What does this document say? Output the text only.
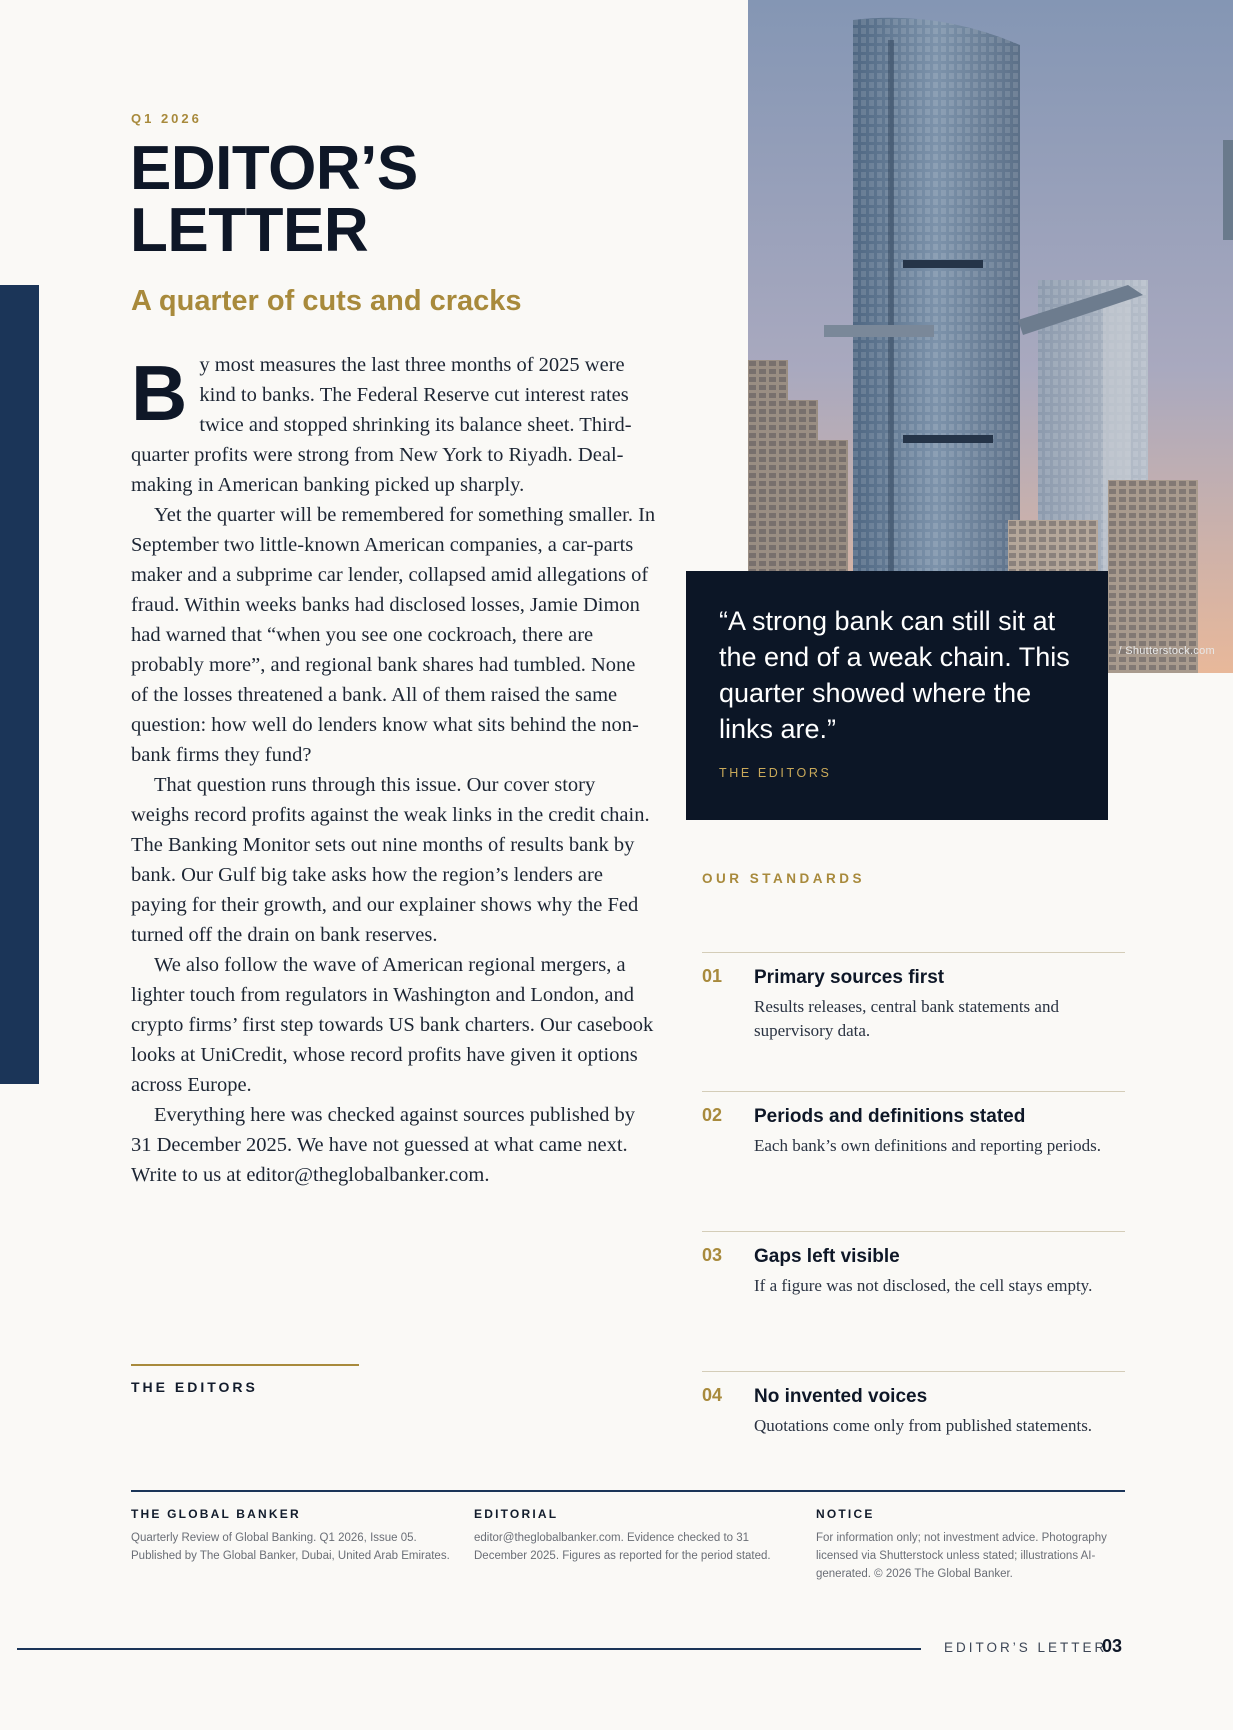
/ Shutterstock.com
Q1 2026
EDITOR’S
LETTER
A quarter of cuts and cracks

By most measures the last three months of 2025 were kind to banks. The Federal Reserve cut interest rates twice and stopped shrinking its balance sheet. Third-quarter profits were strong from New York to Riyadh. Deal-making in American banking picked up sharply.

Yet the quarter will be remembered for something smaller. In September two little-known American companies, a car-parts maker and a subprime car lender, collapsed amid allegations of fraud. Within weeks banks had disclosed losses, Jamie Dimon had warned that “when you see one cockroach, there are probably more”, and regional bank shares had tumbled. None of the losses threatened a bank. All of them raised the same question: how well do lenders know what sits behind the non-bank firms they fund?

That question runs through this issue. Our cover story weighs record profits against the weak links in the credit chain. The Banking Monitor sets out nine months of results bank by bank. Our Gulf big take asks how the region’s lenders are paying for their growth, and our explainer shows why the Fed turned off the drain on bank reserves.

We also follow the wave of American regional mergers, a lighter touch from regulators in Washington and London, and crypto firms’ first step towards US bank charters. Our casebook looks at UniCredit, whose record profits have given it options across Europe.

Everything here was checked against sources published by 31 December 2025. We have not guessed at what came next. Write to us at editor@theglobalbanker.com.

THE EDITORS

“A strong bank can still sit at the end of a weak chain. This quarter showed where the links are.”

THE EDITORS
OUR STANDARDS
01 Primary sources first
Results releases, central bank statements and supervisory data.
02 Periods and definitions stated
Each bank’s own definitions and reporting periods.
03 Gaps left visible
If a figure was not disclosed, the cell stays empty.
04 No invented voices
Quotations come only from published statements.
THE GLOBAL BANKER
Quarterly Review of Global Banking. Q1 2026, Issue 05. Published by The Global Banker, Dubai, United Arab Emirates.
EDITORIAL
editor@theglobalbanker.com. Evidence checked to 31 December 2025. Figures as reported for the period stated.
NOTICE
For information only; not investment advice. Photography licensed via Shutterstock unless stated; illustrations AI-generated. © 2026 The Global Banker.
EDITOR’S LETTER
03
